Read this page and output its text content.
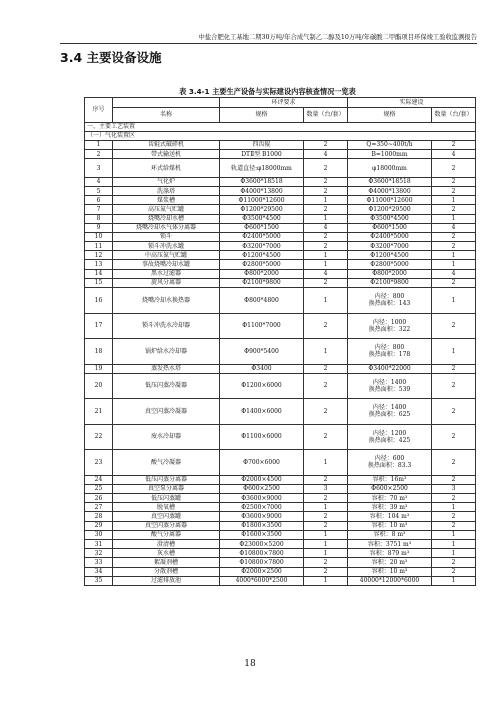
中盐合肥化工基地二期30万吨/年合成气制乙二醇及10万吨/年碳酸二甲酯项目环保竣工验收监测报告
3.4 主要设备设施
表 3.4-1 主要生产设备与实际建设内容核查情况一览表
序号		环评要求		实际建设	
	名称	规格	数量（台/套）	规格	数量（台/套）
一、主要工艺装置					
（一）气化装置区					
1	齿辊式破碎机	四齿辊	2	Q=350~400t/h	2
2	带式输送机	DTⅡ型 B1000	4	B=1000mm	4
3	环式给煤机	轨道直径:φ18000mm	2	φ18000mm	2
4	气化炉	Φ3600*18518	2	Φ3600*18518	2
5	洗涤塔	Φ4000*13800	2	Φ4000*13800	2
6	煤浆槽	Φ11000*12600	1	Φ11000*12600	1
7	高压氮气贮罐	Φ1200*29500	2	Φ1200*29500	2
8	烧嘴冷却水槽	Φ3500*4500	1	Φ3500*4500	1
9	烧嘴冷却水气体分离器	Φ600*1500	4	Φ600*1500	4
10	锁斗	Φ2400*5000	2	Φ2400*5000	2
11	锁斗冲洗水罐	Φ3200*7000	2	Φ3200*7000	2
12	中高压氮气贮罐	Φ1200*4500	1	Φ1200*4500	1
13	事故烧嘴冷却水罐	Φ2800*5000	1	Φ2800*5000	1
14	黑水过滤器	Φ800*2000	4	Φ800*2000	4
15	旋风分离器	Φ2100*9800	2	Φ2100*9800	2
16	烧嘴冷却水换热器	Φ800*4800	1	内径：800
换热面积：143	1
17	锁斗冲洗水冷却器	Φ1100*7000	2	内径：1000
换热面积：322	2
18	锅炉给水冷却器	Φ900*5400	1	内径：800
换热面积：178	1
19	蒸发热水塔	Φ3400	2	Φ3400*22000	2
20	低压闪蒸冷凝器	Φ1200×6000	2	内径：1400
换热面积：539	2
21	真空闪蒸冷凝器	Φ1400×6000	2	内径：1400
换热面积：625	2
22	废水冷却器	Φ1100×6000	2	内径：1200
换热面积：425	2
23	酸气冷凝器	Φ700×6000	1	内径：600
换热面积：83.3	2
24	低压闪蒸分离器	Φ2000×4500	2	容积：16m³	2
25	真空泵分离器	Φ600×2500	3	Φ600×2500	3
26	低压闪蒸罐	Φ3600×9000	2	容积：70 m³	2
27	脱氧槽	Φ2500×7000	1	容积：39 m³	1
28	真空闪蒸罐	Φ3600×9000	2	容积：104 m³	2
29	真空闪蒸分离器	Φ1800×3500	2	容积：10 m³	2
30	酸气分离器	Φ1600×3500	1	容积：8 m³	1
31	澄清槽	Φ23000×5200	1	容积：3751 m³	1
32	灰水槽	Φ10800×7800	1	容积：879 m³	1
33	絮凝剂槽	Φ10800×7800	2	容积：20 m³	2
34	分散剂槽	Φ2000×2500	2	容积：10 m³	2
35	过滤排放池	4000*6000*2500	1	40000*12000*6000	1
18
